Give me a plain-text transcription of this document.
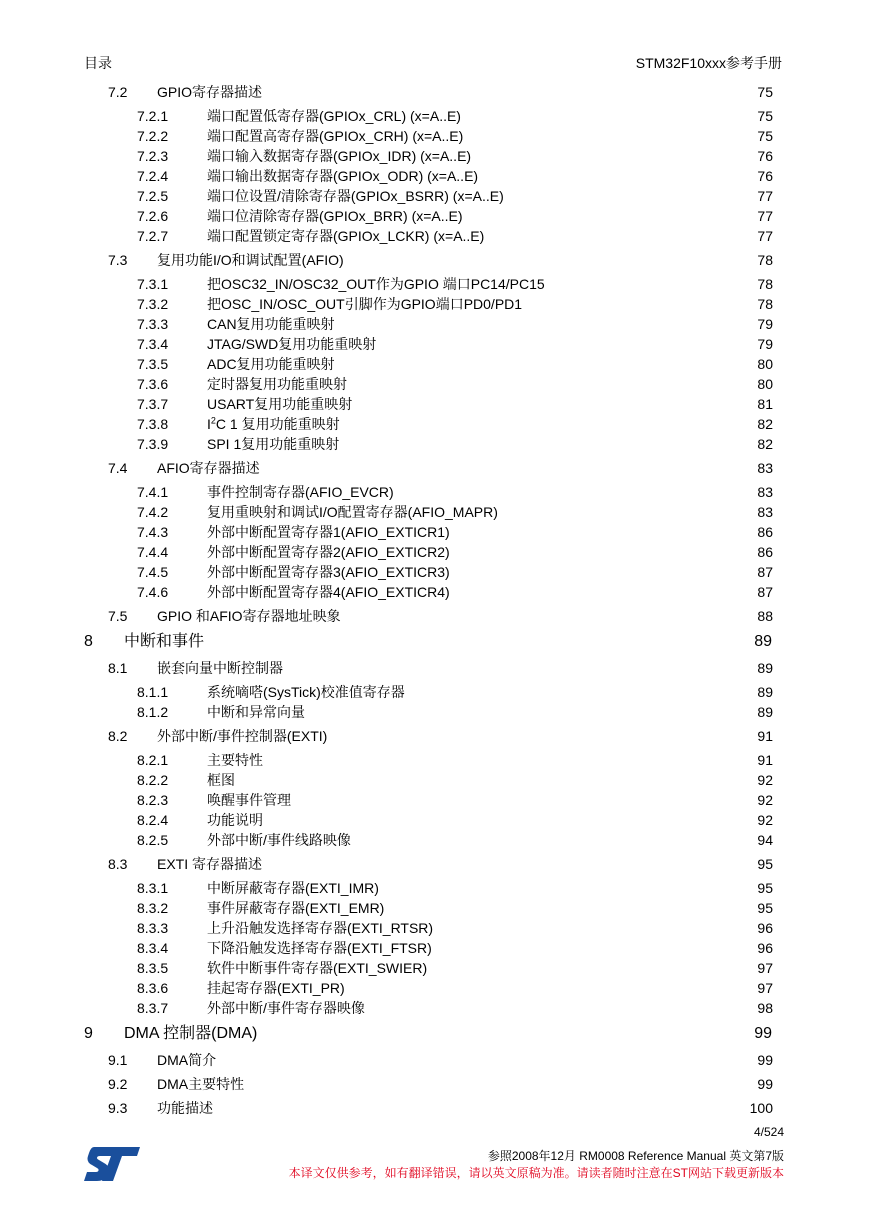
目录	STM32F10xxx参考手册
7.2 GPIO寄存器描述	75
7.2.1	端口配置低寄存器(GPIOx_CRL) (x=A..E)	75
7.2.2	端口配置高寄存器(GPIOx_CRH) (x=A..E)	75
7.2.3	端口输入数据寄存器(GPIOx_IDR) (x=A..E)	76
7.2.4	端口输出数据寄存器(GPIOx_ODR) (x=A..E)	76
7.2.5	端口位设置/清除寄存器(GPIOx_BSRR) (x=A..E)	77
7.2.6	端口位清除寄存器(GPIOx_BRR) (x=A..E)	77
7.2.7	端口配置锁定寄存器(GPIOx_LCKR) (x=A..E)	77
7.3 复用功能I/O和调试配置(AFIO)	78
7.3.1	把OSC32_IN/OSC32_OUT作为GPIO 端口PC14/PC15	78
7.3.2	把OSC_IN/OSC_OUT引脚作为GPIO端口PD0/PD1	78
7.3.3	CAN复用功能重映射	79
7.3.4	JTAG/SWD复用功能重映射	79
7.3.5	ADC复用功能重映射	80
7.3.6	定时器复用功能重映射	80
7.3.7	USART复用功能重映射	81
7.3.8	$I^2C$ 1 复用功能重映射	82
7.3.9	SPI 1复用功能重映射	82
7.4 AFIO寄存器描述	83
7.4.1	事件控制寄存器(AFIO_EVCR)	83
7.4.2	复用重映射和调试I/O配置寄存器(AFIO_MAPR)	83
7.4.3	外部中断配置寄存器1(AFIO_EXTICR1)	86
7.4.4	外部中断配置寄存器2(AFIO_EXTICR2)	86
7.4.5	外部中断配置寄存器3(AFIO_EXTICR3)	87
7.4.6	外部中断配置寄存器4(AFIO_EXTICR4)	87
7.5 GPIO 和AFIO寄存器地址映象	88
8 中断和事件	89
8.1 嵌套向量中断控制器	89
8.1.1	系统嘀嗒(SysTick)校准值寄存器	89
8.1.2	中断和异常向量	89
8.2 外部中断/事件控制器(EXTI)	91
8.2.1	主要特性	91
8.2.2	框图	92
8.2.3	唤醒事件管理	92
8.2.4	功能说明	92
8.2.5	外部中断/事件线路映像	94
8.3 EXTI 寄存器描述	95
8.3.1	中断屏蔽寄存器(EXTI_IMR)	95
8.3.2	事件屏蔽寄存器(EXTI_EMR)	95
8.3.3	上升沿触发选择寄存器(EXTI_RTSR)	96
8.3.4	下降沿触发选择寄存器(EXTI_FTSR)	96
8.3.5	软件中断事件寄存器(EXTI_SWIER)	97
8.3.6	挂起寄存器(EXTI_PR)	97
8.3.7	外部中断/事件寄存器映像	98
9 DMA 控制器(DMA)	99
9.1 DMA简介	99
9.2 DMA主要特性	99
9.3 功能描述	100
4/524
参照2008年12月 RM0008 Reference Manual 英文第7版
本译文仅供参考，如有翻译错误，请以英文原稿为准。请读者随时注意在ST网站下载更新版本
